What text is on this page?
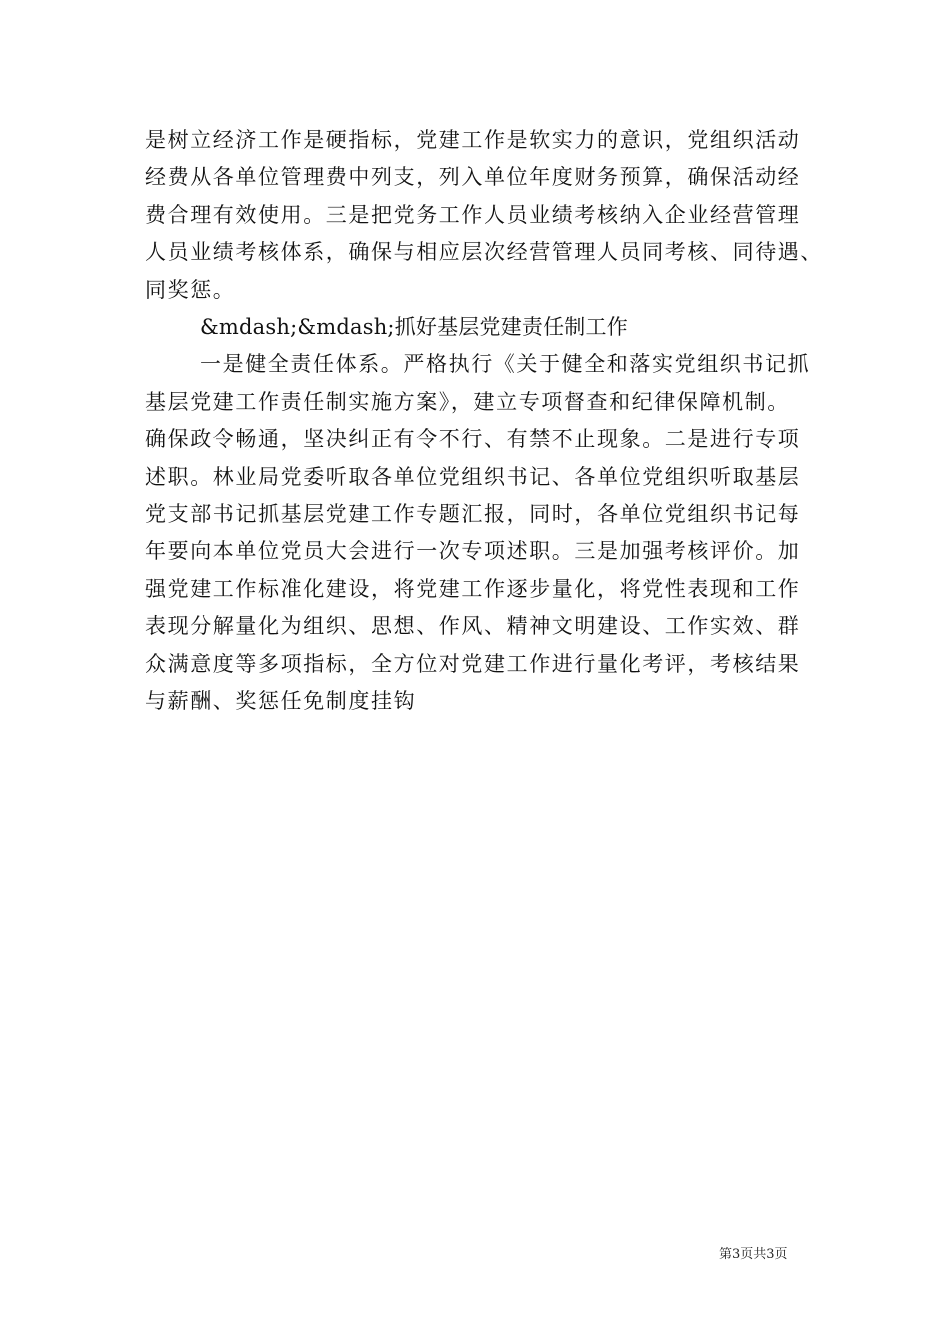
是树立经济工作是硬指标，党建工作是软实力的意识，党组织活动
经费从各单位管理费中列支，列入单位年度财务预算，确保活动经
费合理有效使用。三是把党务工作人员业绩考核纳入企业经营管理
人员业绩考核体系，确保与相应层次经营管理人员同考核、同待遇、
同奖惩。
&mdash;&mdash;抓好基层党建责任制工作
一是健全责任体系。严格执行《关于健全和落实党组织书记抓
基层党建工作责任制实施方案》，建立专项督查和纪律保障机制。
确保政令畅通，坚决纠正有令不行、有禁不止现象。二是进行专项
述职。林业局党委听取各单位党组织书记、各单位党组织听取基层
党支部书记抓基层党建工作专题汇报，同时，各单位党组织书记每
年要向本单位党员大会进行一次专项述职。三是加强考核评价。加
强党建工作标准化建设，将党建工作逐步量化，将党性表现和工作
表现分解量化为组织、思想、作风、精神文明建设、工作实效、群
众满意度等多项指标，全方位对党建工作进行量化考评，考核结果
与薪酬、奖惩任免制度挂钩
第3页共3页
